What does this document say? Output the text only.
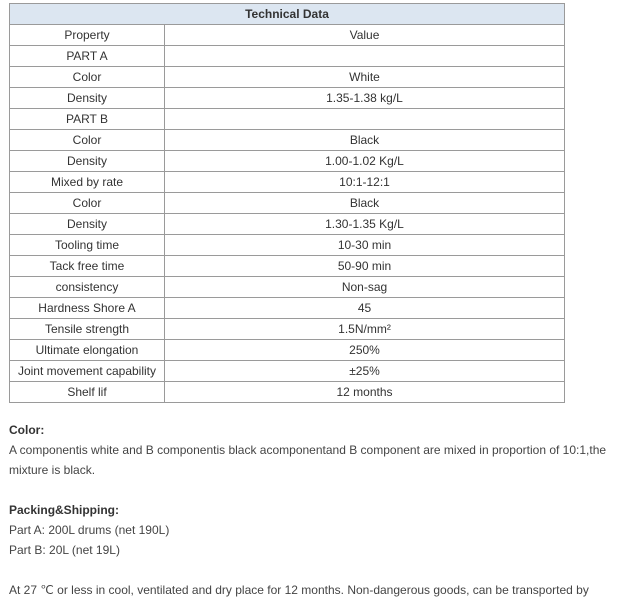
Technical Data	
Property	Value
PART A	
Color	White
Density	1.35-1.38 kg/L
PART B	
Color	Black
Density	1.00-1.02 Kg/L
Mixed by rate	10:1-12:1
Color	Black
Density	1.30-1.35 Kg/L
Tooling time	10-30 min
Tack free time	50-90 min
consistency	Non-sag
Hardness Shore A	45
Tensile strength	1.5N/mm²
Ultimate elongation	250%
Joint movement capability	±25%
Shelf lif	12 months

Color:

A componentis white and B componentis black acomponentand B component are mixed in proportion of 10:1,the mixture is black.

Packing&Shipping:

Part A: 200L drums (net 190L)

Part B: 20L (net 19L)

At 27 ℃ or less in cool, ventilated and dry place for 12 months. Non-dangerous goods, can be transported by
